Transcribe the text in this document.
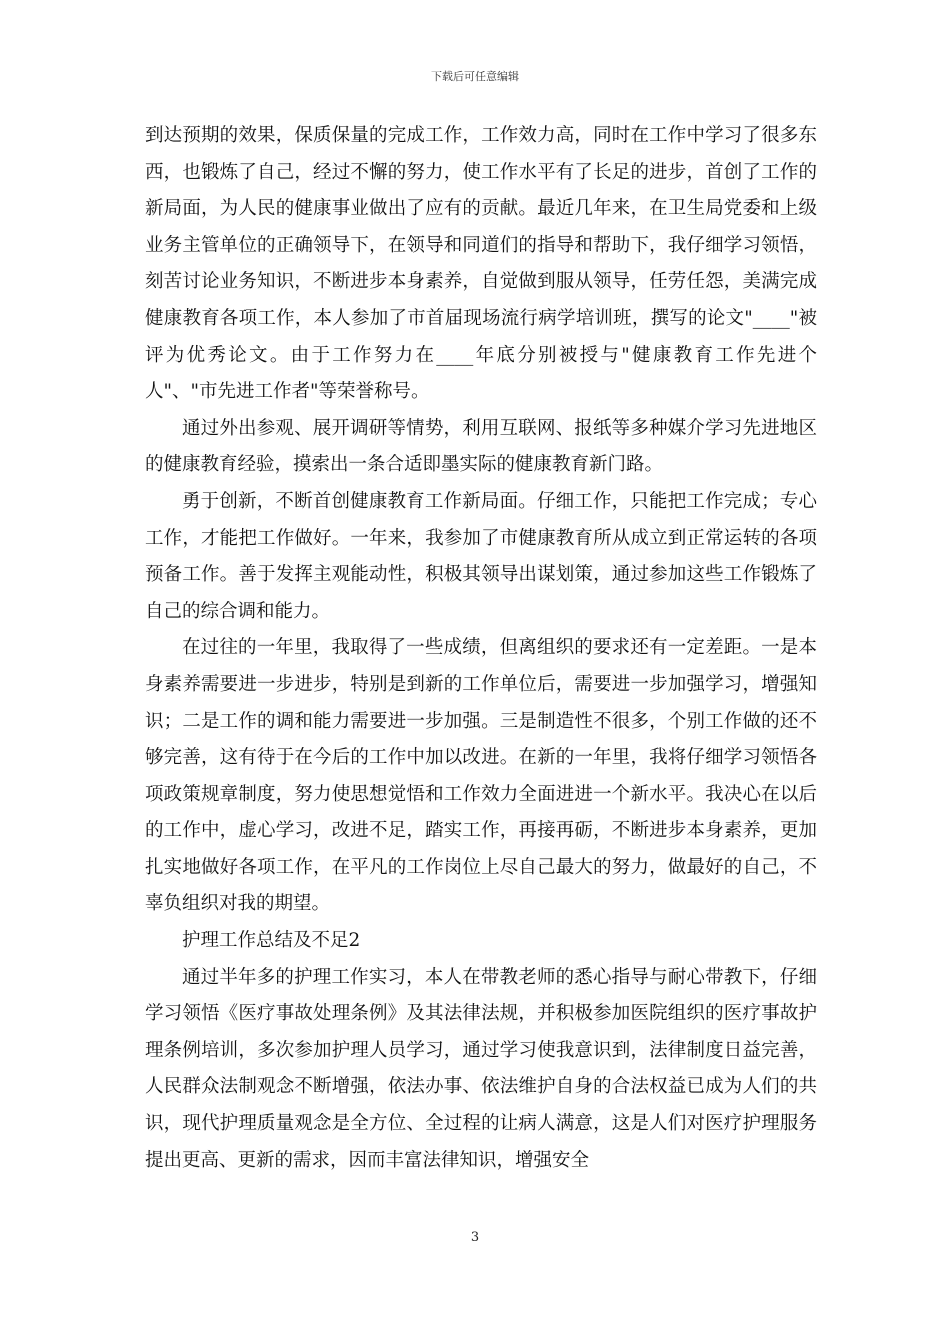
下载后可任意编辑

到达预期的效果，保质保量的完成工作，工作效力高，同时在工作中学习了很多东西，也锻炼了自己，经过不懈的努力，使工作水平有了长足的进步，首创了工作的新局面，为人民的健康事业做出了应有的贡献。最近几年来，在卫生局党委和上级业务主管单位的正确领导下，在领导和同道们的指导和帮助下，我仔细学习领悟，刻苦讨论业务知识，不断进步本身素养，自觉做到服从领导，任劳任怨，美满完成健康教育各项工作，本人参加了市首届现场流行病学培训班，撰写的论文"____"被评为优秀论文。由于工作努力在____年底分别被授与"健康教育工作先进个人"、"市先进工作者"等荣誉称号。

通过外出参观、展开调研等情势，利用互联网、报纸等多种媒介学习先进地区的健康教育经验，摸索出一条合适即墨实际的健康教育新门路。

勇于创新，不断首创健康教育工作新局面。仔细工作，只能把工作完成；专心工作，才能把工作做好。一年来，我参加了市健康教育所从成立到正常运转的各项预备工作。善于发挥主观能动性，积极其领导出谋划策，通过参加这些工作锻炼了自己的综合调和能力。

在过往的一年里，我取得了一些成绩，但离组织的要求还有一定差距。一是本身素养需要进一步进步，特别是到新的工作单位后，需要进一步加强学习，增强知识；二是工作的调和能力需要进一步加强。三是制造性不很多，个别工作做的还不够完善，这有待于在今后的工作中加以改进。在新的一年里，我将仔细学习领悟各项政策规章制度，努力使思想觉悟和工作效力全面进进一个新水平。我决心在以后的工作中，虚心学习，改进不足，踏实工作，再接再砺，不断进步本身素养，更加扎实地做好各项工作，在平凡的工作岗位上尽自己最大的努力，做最好的自己，不辜负组织对我的期望。

护理工作总结及不足2

通过半年多的护理工作实习，本人在带教老师的悉心指导与耐心带教下，仔细学习领悟《医疗事故处理条例》及其法律法规，并积极参加医院组织的医疗事故护理条例培训，多次参加护理人员学习，通过学习使我意识到，法律制度日益完善，人民群众法制观念不断增强，依法办事、依法维护自身的合法权益已成为人们的共识，现代护理质量观念是全方位、全过程的让病人满意，这是人们对医疗护理服务提出更高、更新的需求，因而丰富法律知识，增强安全

3
